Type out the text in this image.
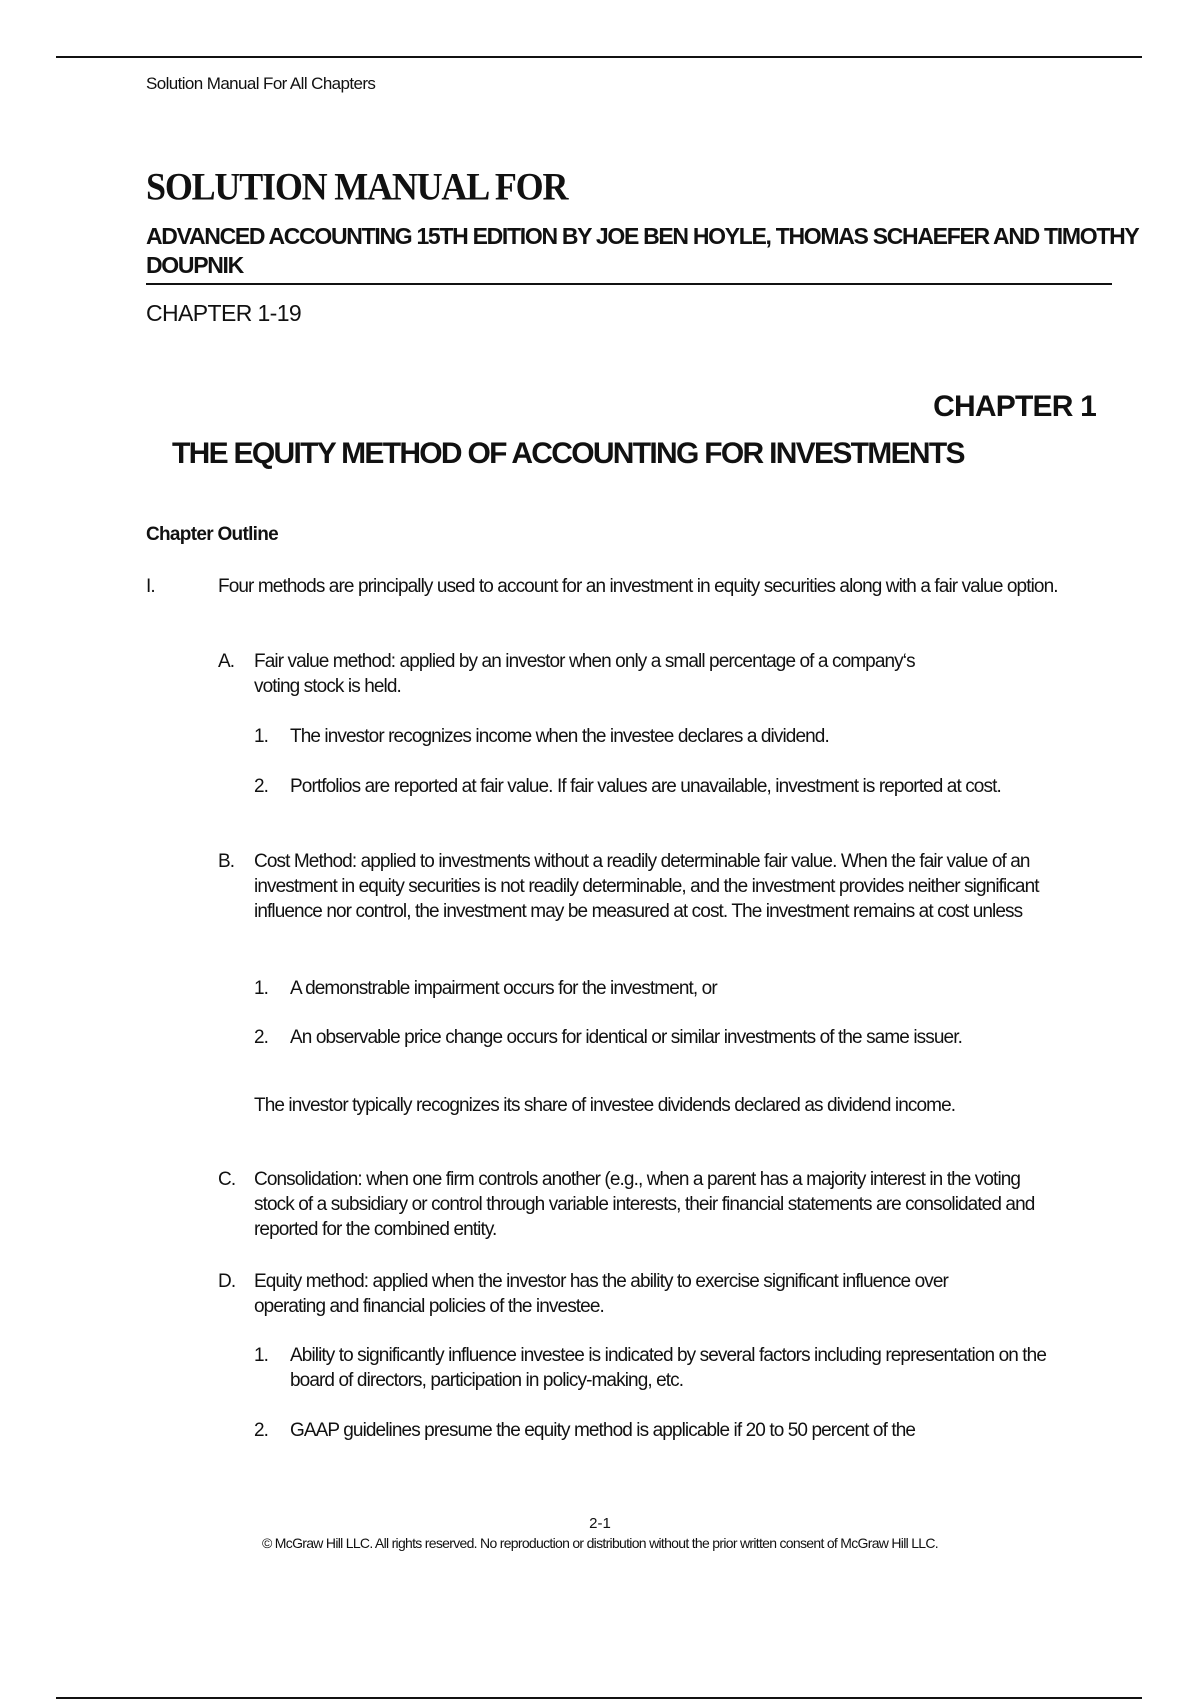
Solution Manual For All Chapters
SOLUTION MANUAL FOR
ADVANCED ACCOUNTING 15TH EDITION BY JOE BEN HOYLE, THOMAS SCHAEFER AND TIMOTHY DOUPNIK
CHAPTER 1-19
CHAPTER 1
THE EQUITY METHOD OF ACCOUNTING FOR INVESTMENTS
Chapter Outline
I.	Four methods are principally used to account for an investment in equity securities along with a fair value option.
A. Fair value method: applied by an investor when only a small percentage of a company‘s voting stock is held.
1. The investor recognizes income when the investee declares a dividend.
2. Portfolios are reported at fair value. If fair values are unavailable, investment is reported at cost.
B. Cost Method: applied to investments without a readily determinable fair value. When the fair value of an investment in equity securities is not readily determinable, and the investment provides neither significant influence nor control, the investment may be measured at cost. The investment remains at cost unless
1. A demonstrable impairment occurs for the investment, or
2. An observable price change occurs for identical or similar investments of the same issuer.
The investor typically recognizes its share of investee dividends declared as dividend income.
C. Consolidation: when one firm controls another (e.g., when a parent has a majority interest in the voting stock of a subsidiary or control through variable interests, their financial statements are consolidated and reported for the combined entity.
D. Equity method: applied when the investor has the ability to exercise significant influence over operating and financial policies of the investee.
1. Ability to significantly influence investee is indicated by several factors including representation on the board of directors, participation in policy-making, etc.
2. GAAP guidelines presume the equity method is applicable if 20 to 50 percent of the
2-1
© McGraw Hill LLC. All rights reserved. No reproduction or distribution without the prior written consent of McGraw Hill LLC.
